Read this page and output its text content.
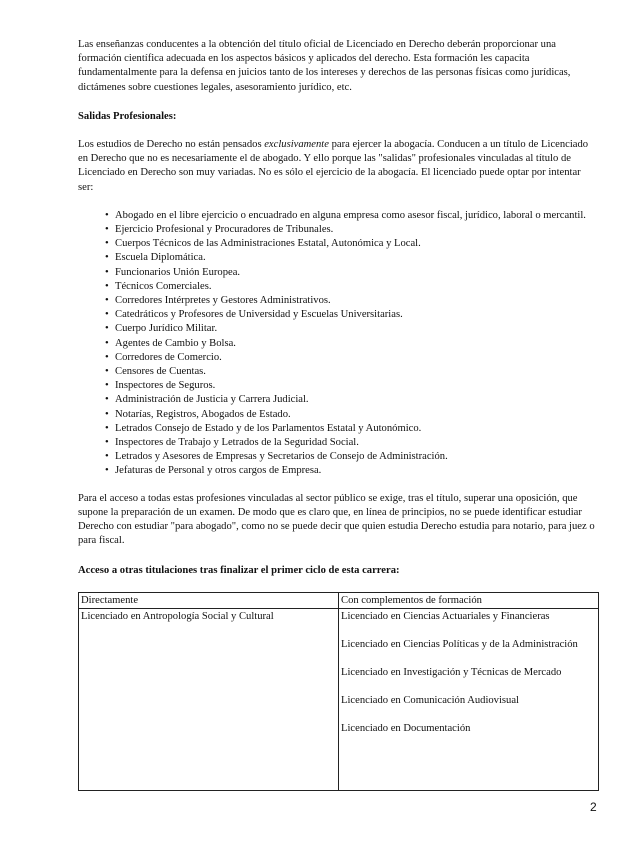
Las enseñanzas conducentes a la obtención del título oficial de Licenciado en Derecho deberán proporcionar una formación científica adecuada en los aspectos básicos y aplicados del derecho. Esta formación les capacita fundamentalmente para la defensa en juicios tanto de los intereses y derechos de las personas físicas como jurídicas, dictámenes sobre cuestiones legales, asesoramiento jurídico, etc.

Salidas Profesionales:

Los estudios de Derecho no están pensados exclusivamente para ejercer la abogacía. Conducen a un título de Licenciado en Derecho que no es necesariamente el de abogado. Y ello porque las "salidas" profesionales vinculadas al título de Licenciado en Derecho son muy variadas. No es sólo el ejercicio de la abogacía. El licenciado puede optar por intentar ser:

• Abogado en el libre ejercicio o encuadrado en alguna empresa como asesor fiscal, jurídico, laboral o mercantil.
• Ejercicio Profesional y Procuradores de Tribunales.
• Cuerpos Técnicos de las Administraciones Estatal, Autonómica y Local.
• Escuela Diplomática.
• Funcionarios Unión Europea.
• Técnicos Comerciales.
• Corredores Intérpretes y Gestores Administrativos.
• Catedráticos y Profesores de Universidad y Escuelas Universitarias.
• Cuerpo Jurídico Militar.
• Agentes de Cambio y Bolsa.
• Corredores de Comercio.
• Censores de Cuentas.
• Inspectores de Seguros.
• Administración de Justicia y Carrera Judicial.
• Notarías, Registros, Abogados de Estado.
• Letrados Consejo de Estado y de los Parlamentos Estatal y Autonómico.
• Inspectores de Trabajo y Letrados de la Seguridad Social.
• Letrados y Asesores de Empresas y Secretarios de Consejo de Administración.
• Jefaturas de Personal y otros cargos de Empresa.

Para el acceso a todas estas profesiones vinculadas al sector público se exige, tras el título, superar una oposición, que supone la preparación de un examen. De modo que es claro que, en línea de principios, no se puede identificar estudiar Derecho con estudiar "para abogado", como no se puede decir que quien estudia Derecho estudia para notario, para juez o para fiscal.

Acceso a otras titulaciones tras finalizar el primer ciclo de esta carrera:
Directamente	Con complementos de formación

Licenciado en Antropología Social y Cultural	Licenciado en Ciencias Actuariales y Financieras
Licenciado en Ciencias Políticas y de la Administración
Licenciado en Investigación y Técnicas de Mercado
Licenciado en Comunicación Audiovisual
Licenciado en Documentación
2
